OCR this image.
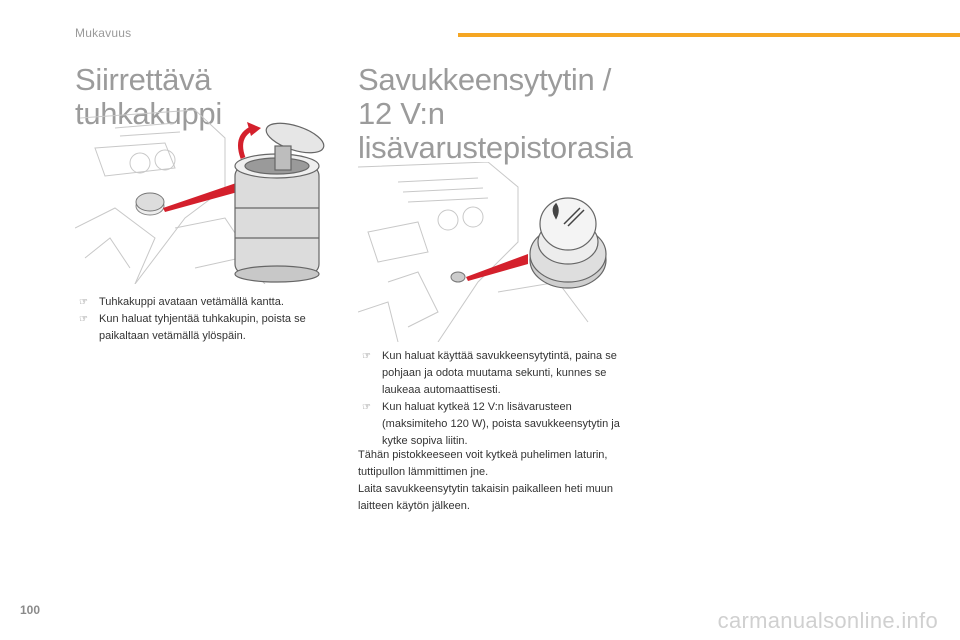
Mukavuus
Siirrettävä tuhkakuppi
☞ Tuhkakuppi avataan vetämällä kantta.
☞ Kun haluat tyhjentää tuhkakupin, poista se paikaltaan vetämällä ylöspäin.
Savukkeensytytin / 12 V:n lisävarustepistorasia
☞ Kun haluat käyttää savukkeensytytintä, paina se pohjaan ja odota muutama sekunti, kunnes se laukeaa automaattisesti.
☞ Kun haluat kytkeä 12 V:n lisävarusteen (maksimiteho 120 W), poista savukkeensytytin ja kytke sopiva liitin.

Tähän pistokkeeseen voit kytkeä puhelimen laturin, tuttipullon lämmittimen jne.

Laita savukkeensytytin takaisin paikalleen heti muun laitteen käytön jälkeen.

100	carmanualsonline.info
